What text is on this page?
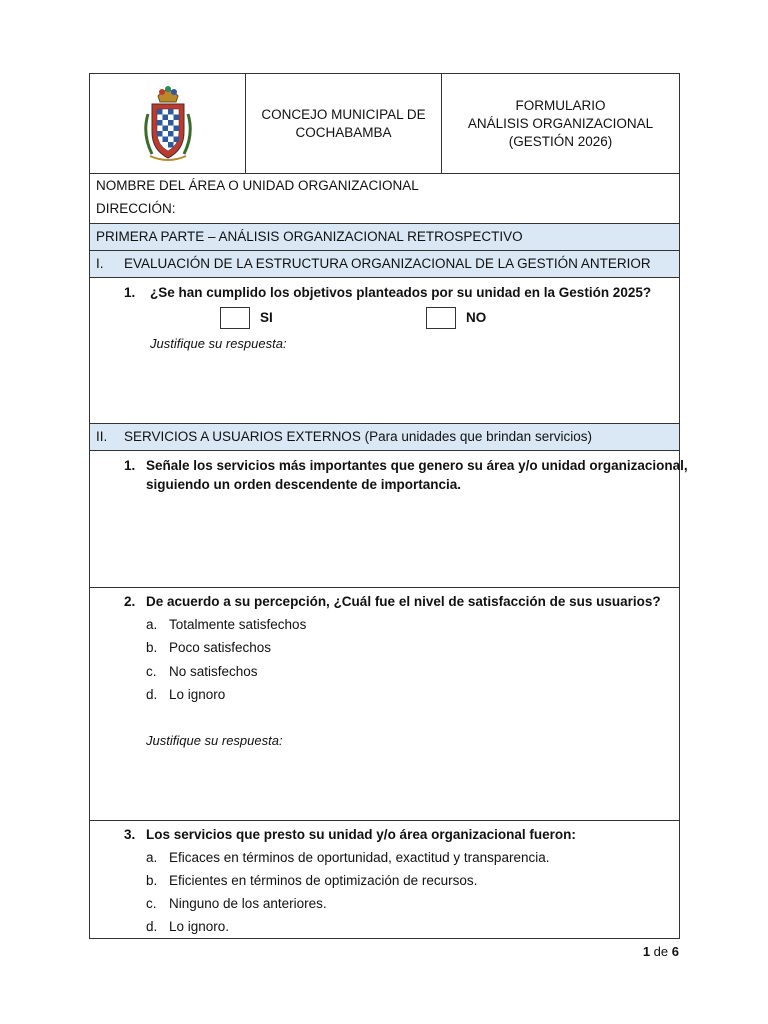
CONCEJO MUNICIPAL DE
COCHABAMBA
FORMULARIO
ANÁLISIS ORGANIZACIONAL
(GESTIÓN 2026)
NOMBRE DEL ÁREA O UNIDAD ORGANIZACIONAL
DIRECCIÓN:
PRIMERA PARTE – ANÁLISIS ORGANIZACIONAL RETROSPECTIVO
I. EVALUACIÓN DE LA ESTRUCTURA ORGANIZACIONAL DE LA GESTIÓN ANTERIOR
1. ¿Se han cumplido los objetivos planteados por su unidad en la Gestión 2025?
SI	NO
Justifique su respuesta:
II. SERVICIOS A USUARIOS EXTERNOS (Para unidades que brindan servicios)
1. Señale los servicios más importantes que genero su área y/o unidad organizacional,
siguiendo un orden descendente de importancia.
2. De acuerdo a su percepción, ¿Cuál fue el nivel de satisfacción de sus usuarios?
a. Totalmente satisfechos
b. Poco satisfechos
c. No satisfechos
d. Lo ignoro
Justifique su respuesta:
3. Los servicios que presto su unidad y/o área organizacional fueron:
a. Eficaces en términos de oportunidad, exactitud y transparencia.
b. Eficientes en términos de optimización de recursos.
c. Ninguno de los anteriores.
d. Lo ignoro.
1 de 6
